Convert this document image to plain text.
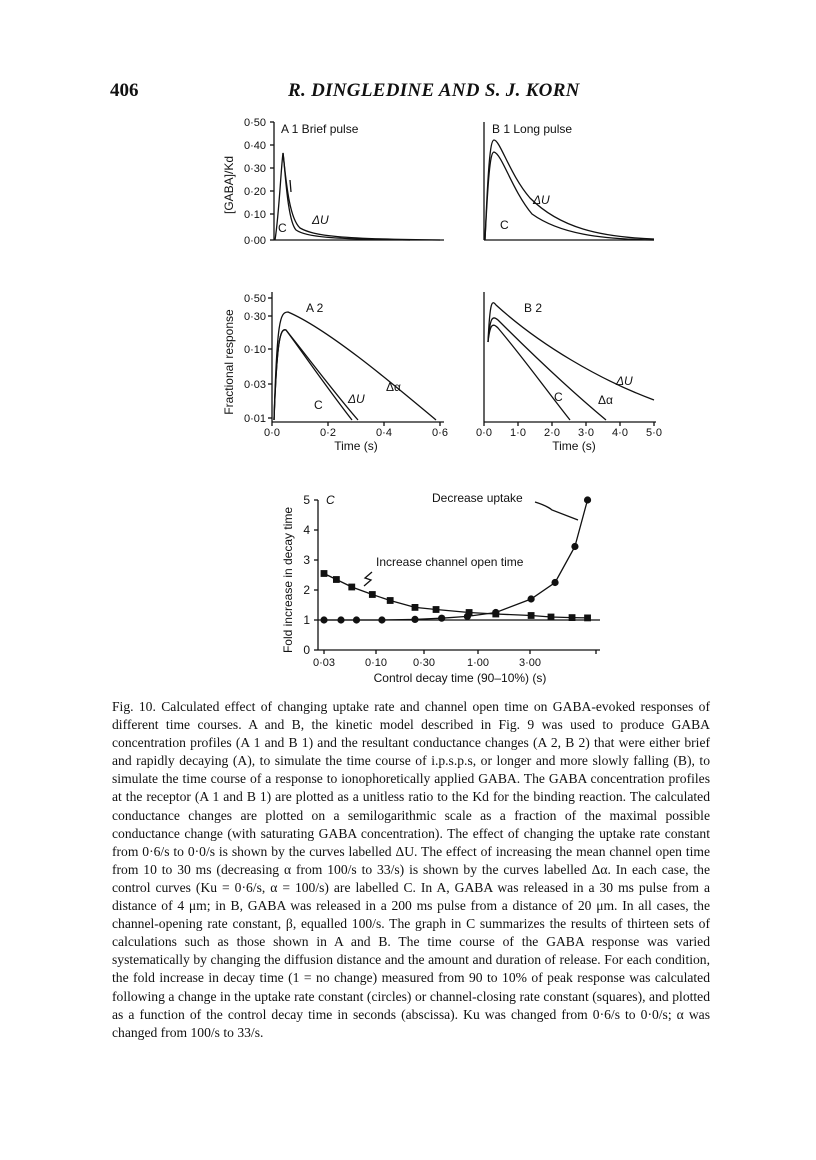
406	R. DINGLEDINE AND S. J. KORN
0·50
0·40
0·30
0·20
0·10
0·00
[GABA]/Kd
A 1 Brief pulse
C
ΔU
B 1 Long pulse
ΔU
C
0·50
0·30
0·10
0·03
0·01
Fractional response
A 2
0·0	0·2	0·4	0·6
Time (s)
C ΔU
Δα
B 2
0·0 1·0 2·0 3·0 4·0 5·0
Time (s)
ΔU
C	Δα
5
4
3
2
1
0
Fold increase in decay time
C
0·03	0·10 0·30	1·00	3·00
Control decay time (90–10%) (s)
Decrease uptake
Increase channel open time

Fig. 10. Calculated effect of changing uptake rate and channel open time on GABA-evoked responses of different time courses. A and B, the kinetic model described in Fig. 9 was used to produce GABA concentration profiles (A 1 and B 1) and the resultant conductance changes (A 2, B 2) that were either brief and rapidly decaying (A), to simulate the time course of i.p.s.p.s, or longer and more slowly falling (B), to simulate the time course of a response to ionophoretically applied GABA. The GABA concentration profiles at the receptor (A 1 and B 1) are plotted as a unitless ratio to the Kd for the binding reaction. The calculated conductance changes are plotted on a semilogarithmic scale as a fraction of the maximal possible conductance change (with saturating GABA concentration). The effect of changing the uptake rate constant from 0·6/s to 0·0/s is shown by the curves labelled ΔU. The effect of increasing the mean channel open time from 10 to 30 ms (decreasing α from 100/s to 33/s) is shown by the curves labelled Δα. In each case, the control curves (Ku = 0·6/s, α = 100/s) are labelled C. In A, GABA was released in a 30 ms pulse from a distance of 4 μm; in B, GABA was released in a 200 ms pulse from a distance of 20 μm. In all cases, the channel-opening rate constant, β, equalled 100/s. The graph in C summarizes the results of thirteen sets of calculations such as those shown in A and B. The time course of the GABA response was varied systematically by changing the diffusion distance and the amount and duration of release. For each condition, the fold increase in decay time (1 = no change) measured from 90 to 10% of peak response was calculated following a change in the uptake rate constant (circles) or channel-closing rate constant (squares), and plotted as a function of the control decay time in seconds (abscissa). Ku was changed from 0·6/s to 0·0/s; α was changed from 100/s to 33/s.
